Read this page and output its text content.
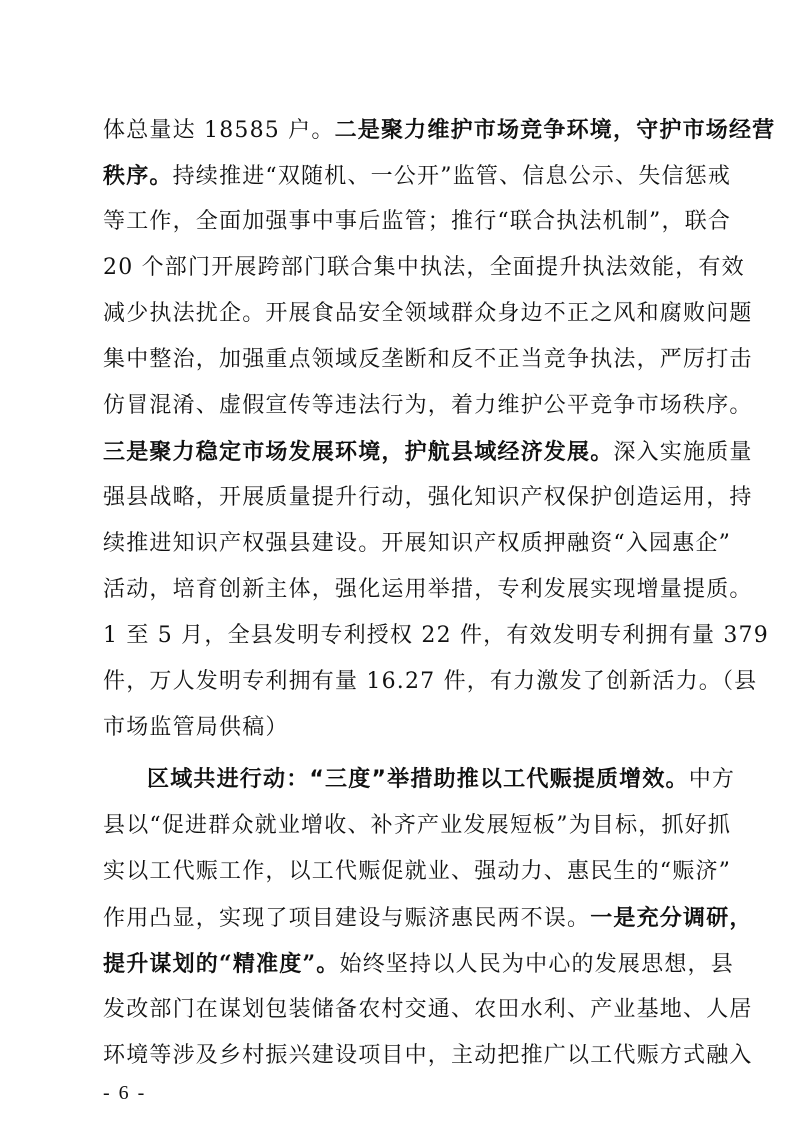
体总量达 18585 户。二是聚力维护市场竞争环境，守护市场经营
秩序。持续推进“双随机、一公开”监管、信息公示、失信惩戒
等工作，全面加强事中事后监管；推行“联合执法机制”，联合
20 个部门开展跨部门联合集中执法，全面提升执法效能，有效
减少执法扰企。开展食品安全领域群众身边不正之风和腐败问题
集中整治，加强重点领域反垄断和反不正当竞争执法，严厉打击
仿冒混淆、虚假宣传等违法行为，着力维护公平竞争市场秩序。
三是聚力稳定市场发展环境，护航县域经济发展。深入实施质量
强县战略，开展质量提升行动，强化知识产权保护创造运用，持
续推进知识产权强县建设。开展知识产权质押融资“入园惠企”
活动，培育创新主体，强化运用举措，专利发展实现增量提质。
1 至 5 月，全县发明专利授权 22 件，有效发明专利拥有量 379
件，万人发明专利拥有量 16.27 件，有力激发了创新活力。（县
市场监管局供稿）
区域共进行动：“三度”举措助推以工代赈提质增效。中方
县以“促进群众就业增收、补齐产业发展短板”为目标，抓好抓
实以工代赈工作，以工代赈促就业、强动力、惠民生的“赈济”
作用凸显，实现了项目建设与赈济惠民两不误。一是充分调研，
提升谋划的“精准度”。始终坚持以人民为中心的发展思想，县
发改部门在谋划包装储备农村交通、农田水利、产业基地、人居
环境等涉及乡村振兴建设项目中，主动把推广以工代赈方式融入
- 6 -
